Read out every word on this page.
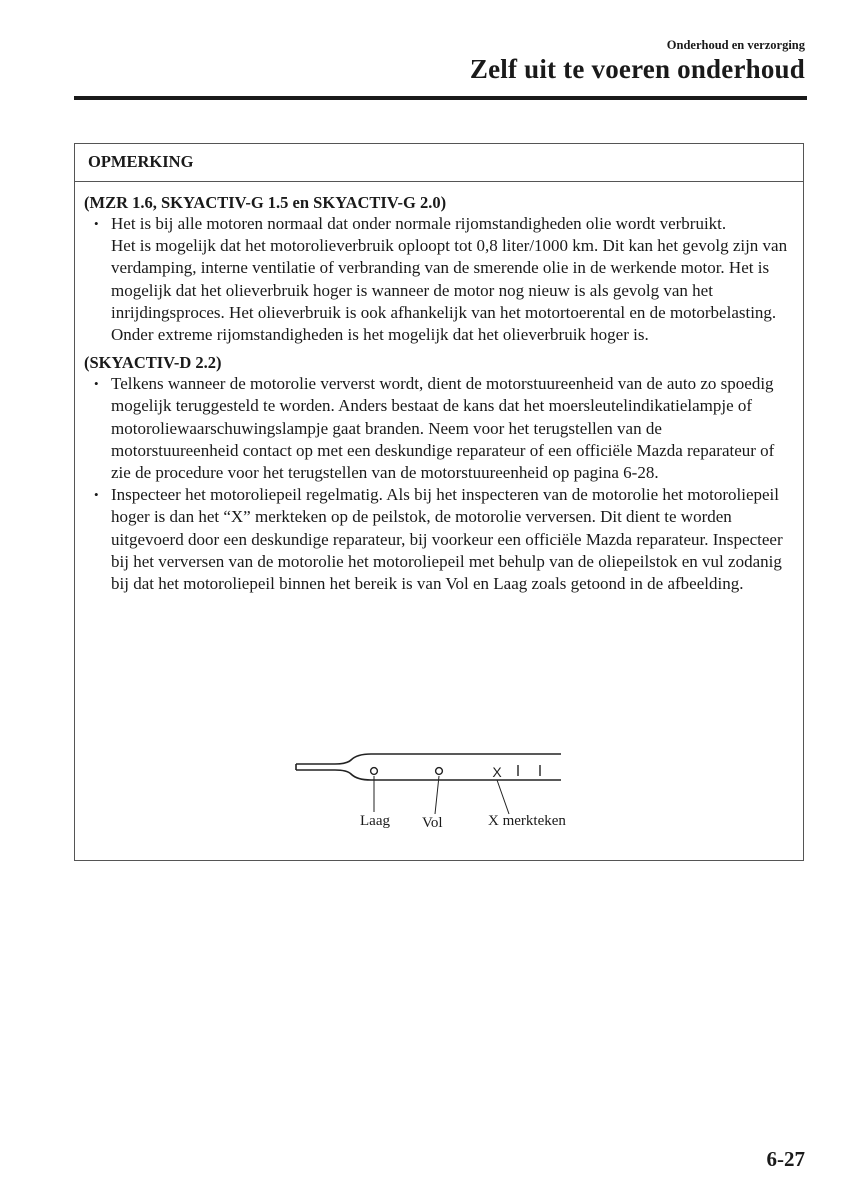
Onderhoud en verzorging
Zelf uit te voeren onderhoud
OPMERKING
(MZR 1.6, SKYACTIV-G 1.5 en SKYACTIV-G 2.0)
• Het is bij alle motoren normaal dat onder normale rijomstandigheden olie wordt verbruikt.
Het is mogelijk dat het motorolieverbruik oploopt tot 0,8 liter/1000 km. Dit kan het gevolg zijn van verdamping, interne ventilatie of verbranding van de smerende olie in de werkende motor. Het is mogelijk dat het olieverbruik hoger is wanneer de motor nog nieuw is als gevolg van het inrijdingsproces. Het olieverbruik is ook afhankelijk van het motortoerental en de motorbelasting. Onder extreme rijomstandigheden is het mogelijk dat het olieverbruik hoger is.
(SKYACTIV-D 2.2)
• Telkens wanneer de motorolie ververst wordt, dient de motorstuureenheid van de auto zo spoedig mogelijk teruggesteld te worden. Anders bestaat de kans dat het moersleutelindikatielampje of motoroliewaarschuwingslampje gaat branden. Neem voor het terugstellen van de motorstuureenheid contact op met een deskundige reparateur of een officiële Mazda reparateur of zie de procedure voor het terugstellen van de motorstuureenheid op pagina 6-28.
• Inspecteer het motoroliepeil regelmatig. Als bij het inspecteren van de motorolie het motoroliepeil hoger is dan het “X” merkteken op de peilstok, de motorolie verversen. Dit dient te worden uitgevoerd door een deskundige reparateur, bij voorkeur een officiële Mazda reparateur. Inspecteer bij het verversen van de motorolie het motoroliepeil met behulp van de oliepeilstok en vul zodanig bij dat het motoroliepeil binnen het bereik is van Vol en Laag zoals getoond in de afbeelding.
X
Laag Vol	X merkteken
6-27
